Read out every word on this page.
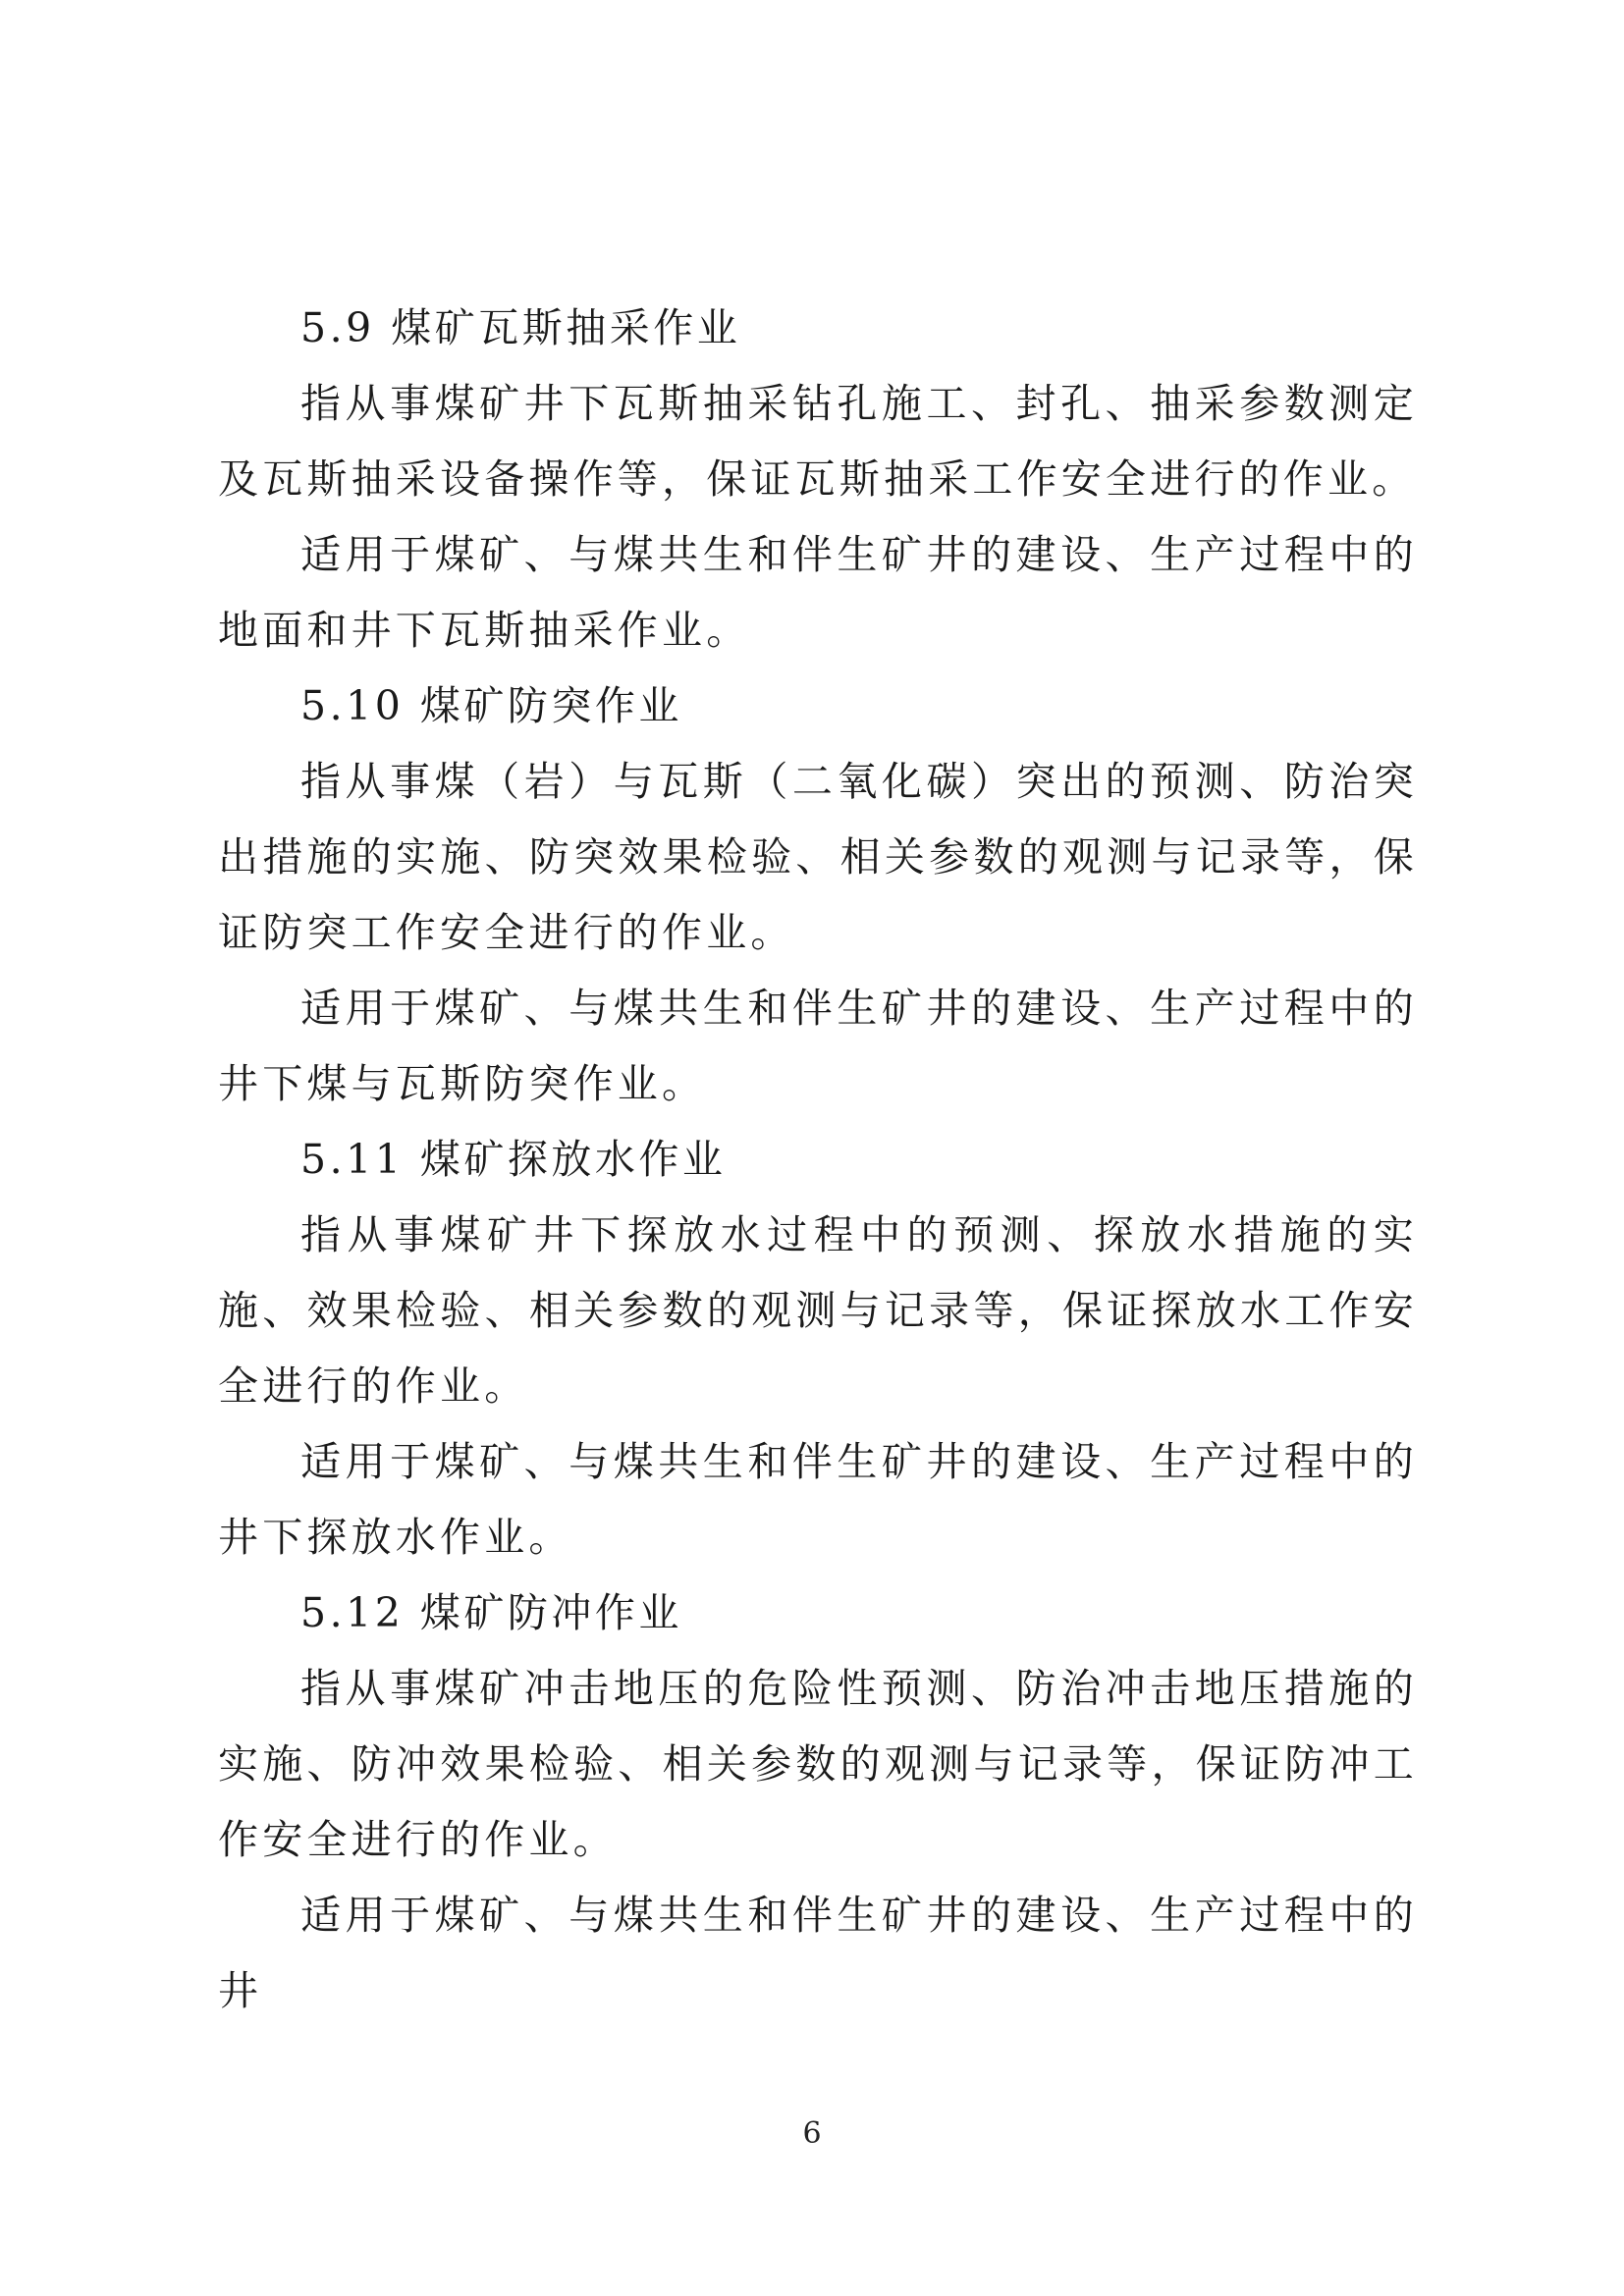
5.9 煤矿瓦斯抽采作业

指从事煤矿井下瓦斯抽采钻孔施工、封孔、抽采参数测定及瓦斯抽采设备操作等，保证瓦斯抽采工作安全进行的作业。

适用于煤矿、与煤共生和伴生矿井的建设、生产过程中的地面和井下瓦斯抽采作业。

5.10 煤矿防突作业

指从事煤（岩）与瓦斯（二氧化碳）突出的预测、防治突出措施的实施、防突效果检验、相关参数的观测与记录等，保证防突工作安全进行的作业。

适用于煤矿、与煤共生和伴生矿井的建设、生产过程中的井下煤与瓦斯防突作业。

5.11 煤矿探放水作业

指从事煤矿井下探放水过程中的预测、探放水措施的实施、效果检验、相关参数的观测与记录等，保证探放水工作安全进行的作业。

适用于煤矿、与煤共生和伴生矿井的建设、生产过程中的井下探放水作业。

5.12 煤矿防冲作业

指从事煤矿冲击地压的危险性预测、防治冲击地压措施的实施、防冲效果检验、相关参数的观测与记录等，保证防冲工作安全进行的作业。

适用于煤矿、与煤共生和伴生矿井的建设、生产过程中的井

6
